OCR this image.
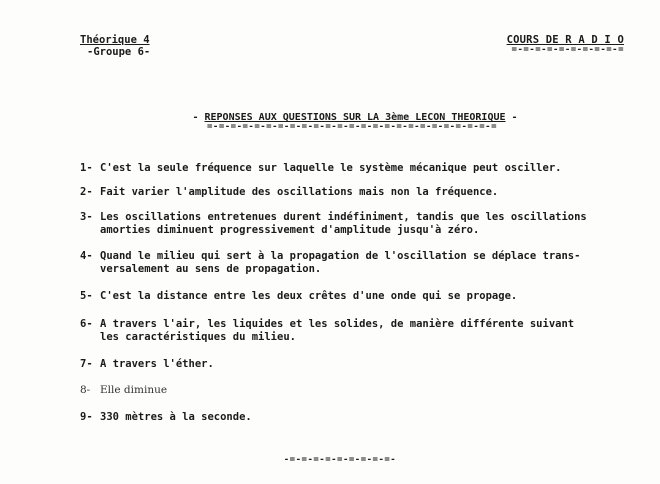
Théorique 4
-Groupe 6-
COURS DE R A D I O
=-=-=-=-=-=-=-=-=-=
- REPONSES AUX QUESTIONS SUR LA 3ème LECON THEORIQUE -
=-=-=-=-=-=-=-=-=-=-=-=-=-=-=-=-=-=-=-=-=-=-=-=-=
1- C'est la seule fréquence sur laquelle le système mécanique peut osciller.
2- Fait varier l'amplitude des oscillations mais non la fréquence.
3- Les oscillations entretenues durent indéfiniment, tandis que les oscillations
amorties diminuent progressivement d'amplitude jusqu'à zéro.
4- Quand le milieu qui sert à la propagation de l'oscillation se déplace trans-
versalement au sens de propagation.
5- C'est la distance entre les deux crêtes d'une onde qui se propage.
6- A travers l'air, les liquides et les solides, de manière différente suivant
les caractéristiques du milieu.
7- A travers l'éther.
8- Elle diminue
9- 330 mètres à la seconde.
-=-=-=-=-=-=-=-=-=-
